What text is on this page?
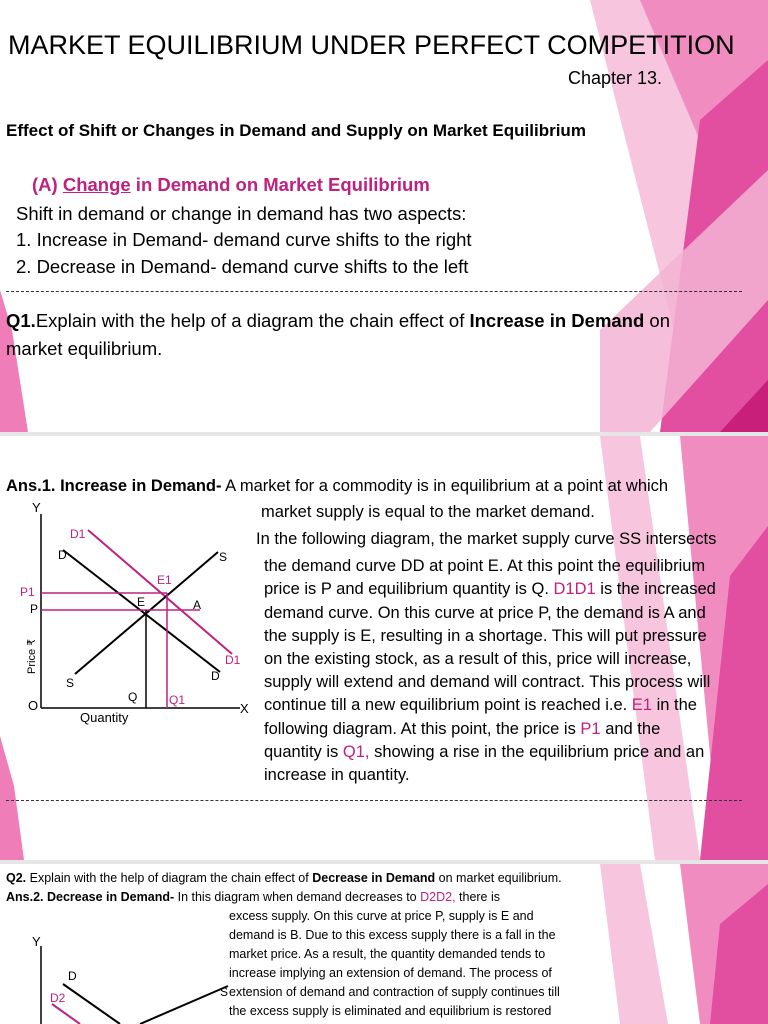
MARKET EQUILIBRIUM UNDER PERFECT COMPETITION
Chapter 13.
Effect of Shift or Changes in Demand and Supply on Market Equilibrium
(A) Change in Demand on Market Equilibrium
Shift in demand or change in demand has two aspects:
1. Increase in Demand- demand curve shifts to the right
2. Decrease in Demand- demand curve shifts to the left
Q1.Explain with the help of a diagram the chain effect of Increase in Demand on
market equilibrium.
Ans.1. Increase in Demand- A market for a commodity is in equilibrium at a point at which
market supply is equal to the market demand.
In the following diagram, the market supply curve SS intersects
the demand curve DD at point E. At this point the equilibrium
price is P and equilibrium quantity is Q. D1D1 is the increased
demand curve. On this curve at price P, the demand is A and
the supply is E, resulting in a shortage. This will put pressure
on the existing stock, as a result of this, price will increase,
supply will extend and demand will contract. This process will
continue till a new equilibrium point is reached i.e. E1 in the
following diagram. At this point, the price is P1 and the
quantity is Q1, showing a rise in the equilibrium price and an
increase in quantity.
Y
X
O
Quantity
Price ₹
D1
D	S
E1
P1
P	E	A
D1
D
S
Q	Q1
Q2. Explain with the help of diagram the chain effect of Decrease in Demand on market equilibrium.
Ans.2. Decrease in Demand- In this diagram when demand decreases to D2D2, there is
excess supply. On this curve at price P, supply is E and
demand is B. Due to this excess supply there is a fall in the
market price. As a result, the quantity demanded tends to
increase implying an extension of demand. The process of
extension of demand and contraction of supply continues till
the excess supply is eliminated and equilibrium is restored
Y
D
D2	S
